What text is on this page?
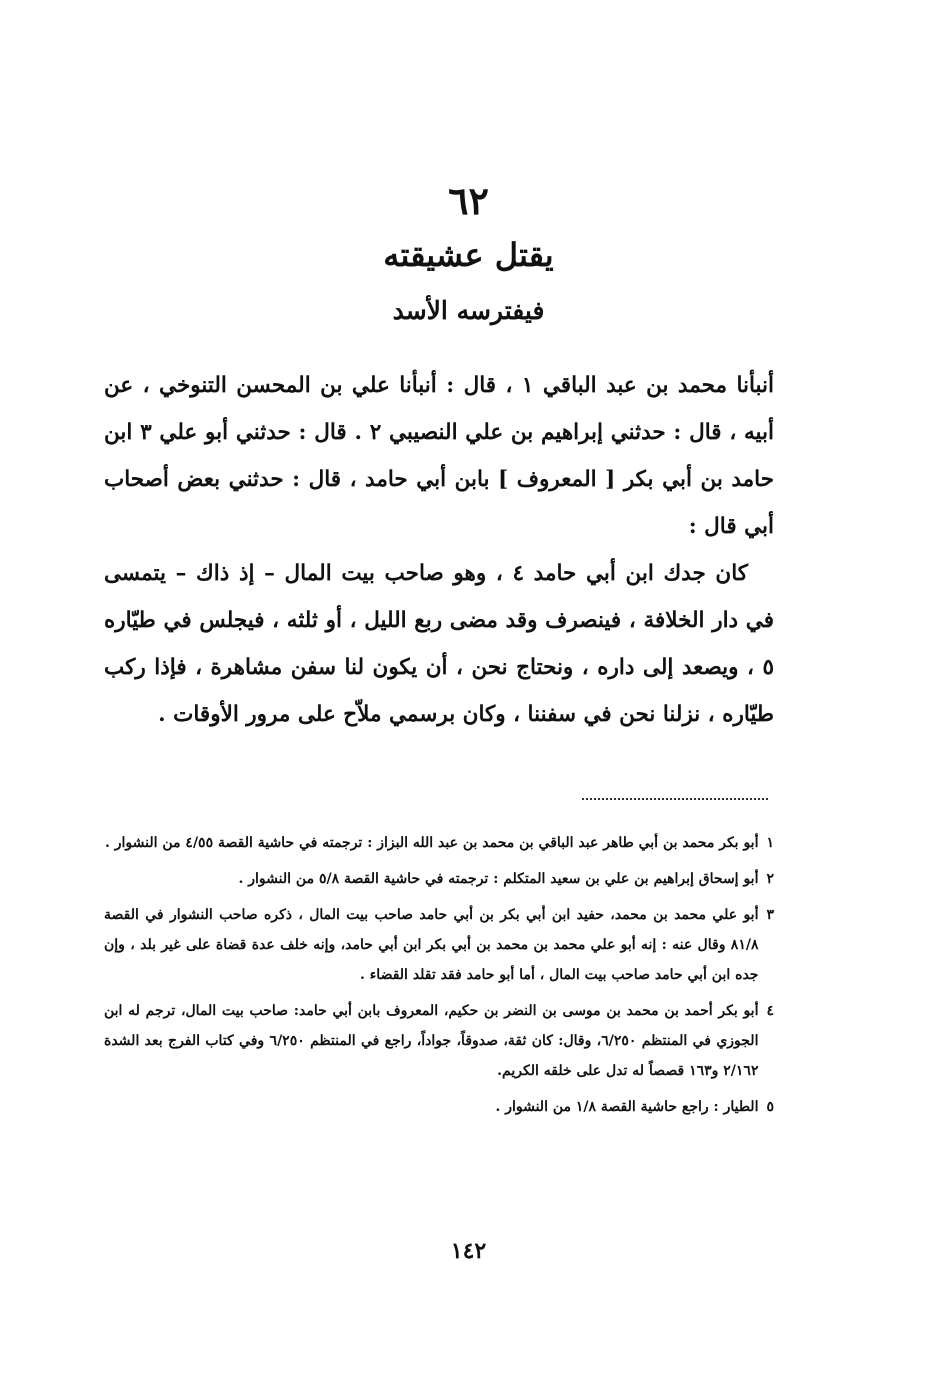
٦٢
يقتل عشيقته
فيفترسه الأسد

أنبأنا محمد بن عبد الباقي ١ ، قال : أنبأنا علي بن المحسن التنوخي ، عن أبيه ، قال : حدثني إبراهيم بن علي النصيبي ٢ . قال : حدثني أبو علي ٣ ابن حامد بن أبي بكر [ المعروف ] بابن أبي حامد ، قال : حدثني بعض أصحاب أبي قال :

كان جدك ابن أبي حامد ٤ ، وهو صاحب بيت المال – إذ ذاك – يتمسى في دار الخلافة ، فينصرف وقد مضى ربع الليل ، أو ثلثه ، فيجلس في طيّاره ٥ ، ويصعد إلى داره ، ونحتاج نحن ، أن يكون لنا سفن مشاهرة ، فإذا ركب طيّاره ، نزلنا نحن في سفننا ، وكان برسمي ملاّح على مرور الأوقات .

١
أبو بكر محمد بن أبي طاهر عبد الباقي بن محمد بن عبد الله البزاز : ترجمته في حاشية القصة ٤/٥٥ من النشوار .
٢
أبو إسحاق إبراهيم بن علي بن سعيد المتكلم : ترجمته في حاشية القصة ٥/٨ من النشوار .
٣
أبو علي محمد بن محمد، حفيد ابن أبي بكر بن أبي حامد صاحب بيت المال ، ذكره صاحب النشوار في القصة ٨١/٨ وقال عنه : إنه أبو علي محمد بن محمد بن أبي بكر ابن أبي حامد، وإنه خلف عدة قضاة على غير بلد ، وإن جده ابن أبي حامد صاحب بيت المال ، أما أبو حامد فقد تقلد القضاء .
٤
أبو بكر أحمد بن محمد بن موسى بن النضر بن حكيم، المعروف بابن أبي حامد: صاحب بيت المال، ترجم له ابن الجوزي في المنتظم ٦/٢٥٠، وقال: كان ثقة، صدوقاً، جواداً، راجع في المنتظم ٦/٢٥٠ وفي كتاب الفرج بعد الشدة ٢/١٦٢ و١٦٣ قصصاً له تدل على خلقه الكريم.
٥
الطيار : راجع حاشية القصة ١/٨ من النشوار .
١٤٢
